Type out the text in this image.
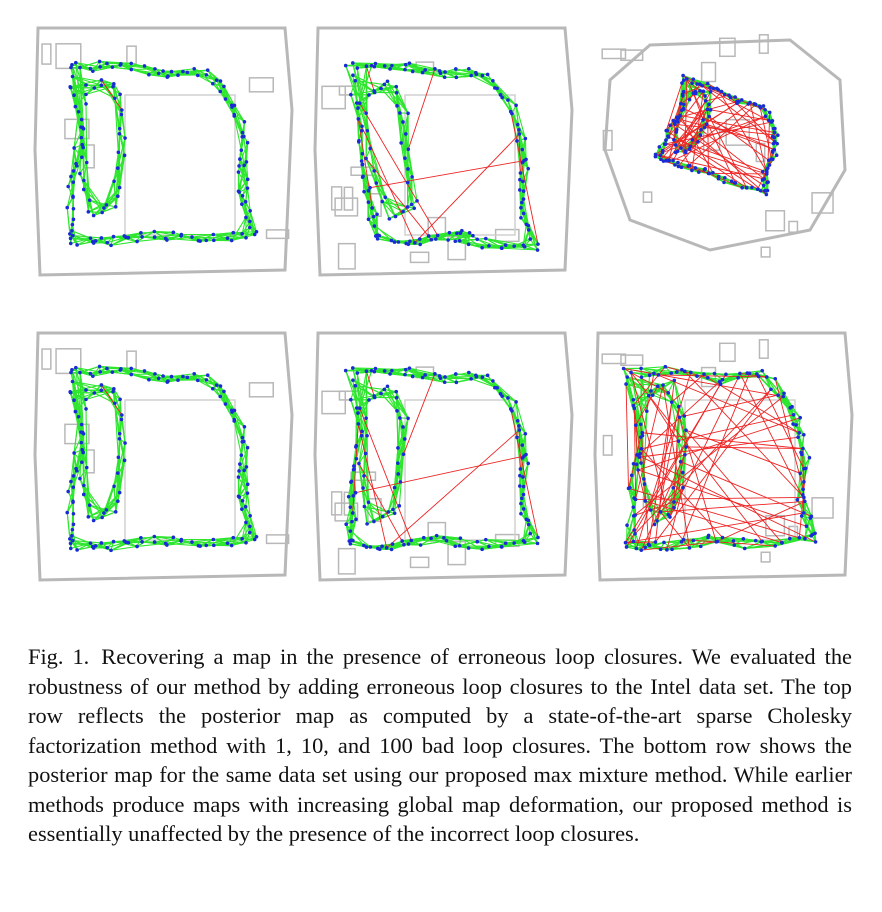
Fig. 1. Recovering a map in the presence of erroneous loop closures. We evaluated the robustness of our method by adding erroneous loop closures to the Intel data set. The top row reflects the posterior map as computed by a state-of-the-art sparse Cholesky factorization method with 1, 10, and 100 bad loop closures. The bottom row shows the posterior map for the same data set using our proposed max mixture method. While earlier methods produce maps with increasing global map deformation, our proposed method is essentially unaffected by the presence of the incorrect loop closures.
